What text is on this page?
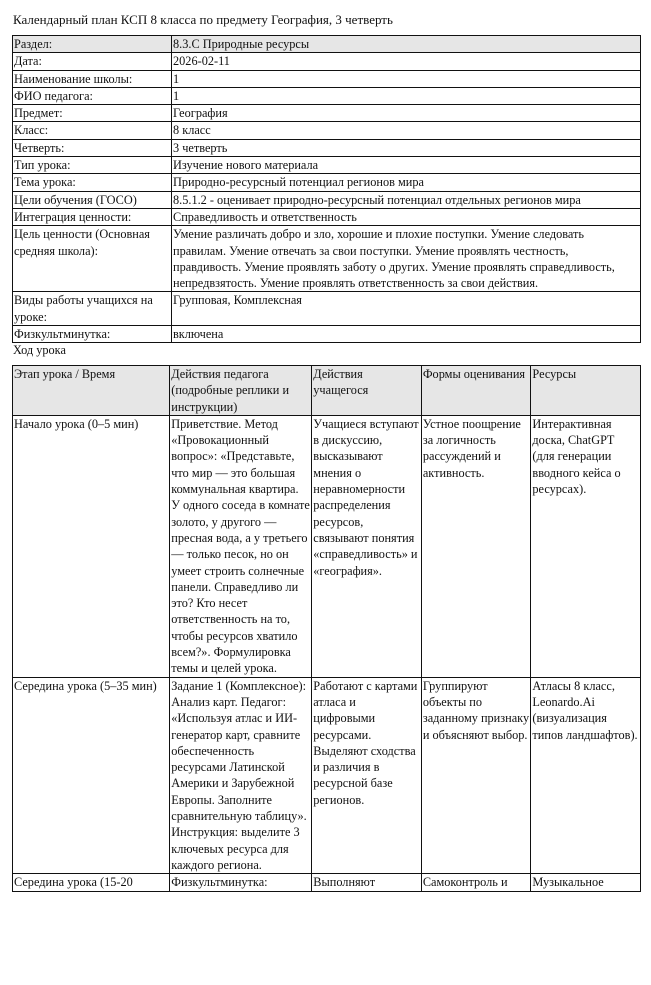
Календарный план КСП 8 класса по предмету География, 3 четверть
Раздел:	8.3.С Природные ресурсы
Дата:	2026-02-11
Наименование школы:	1
ФИО педагога:	1
Предмет:	География
Класс:	8 класс
Четверть:	3 четверть
Тип урока:	Изучение нового материала
Тема урока:	Природно-ресурсный потенциал регионов мира
Цели обучения (ГОСО)	8.5.1.2 - оценивает природно-ресурсный потенциал отдельных регионов мира
Интеграция ценности:	Справедливость и ответственность
Цель ценности (Основная средняя школа):	Умение различать добро и зло, хорошие и плохие поступки. Умение следовать правилам. Умение отвечать за свои поступки. Умение проявлять честность, правдивость. Умение проявлять заботу о других. Умение проявлять справедливость, непредвзятость. Умение проявлять ответственность за свои действия.
Виды работы учащихся на уроке:	Групповая, Комплексная
Физкультминутка:	включена
Ход урока
Этап урока / Время	Действия педагога (подробные реплики и инструкции)	Действия учащегося	Формы оценивания	Ресурсы
Начало урока (0–5 мин)	Приветствие. Метод «Провокационный вопрос»: «Представьте, что мир — это большая коммунальная квартира. У одного соседа в комнате золото, у другого — пресная вода, а у третьего — только песок, но он умеет строить солнечные панели. Справедливо ли это? Кто несет ответственность на то, чтобы ресурсов хватило всем?». Формулировка темы и целей урока.	Учащиеся вступают в дискуссию, высказывают мнения о неравномерности распределения ресурсов, связывают понятия «справедливость» и «география».	Устное поощрение за логичность рассуждений и активность.	Интерактивная доска, ChatGPT (для генерации вводного кейса о ресурсах).
Середина урока (5–35 мин)	Задание 1 (Комплексное): Анализ карт. Педагог: «Используя атлас и ИИ-генератор карт, сравните обеспеченность ресурсами Латинской Америки и Зарубежной Европы. Заполните сравнительную таблицу». Инструкция: выделите 3 ключевых ресурса для каждого региона.	Работают с картами атласа и цифровыми ресурсами. Выделяют сходства и различия в ресурсной базе регионов.	Группируют объекты по заданному признаку и объясняют выбор.	Атласы 8 класс, Leonardo.Ai (визуализация типов ландшафтов).
Середина урока (15-20	Физкультминутка:	Выполняют	Самоконтроль и	Музыкальное
